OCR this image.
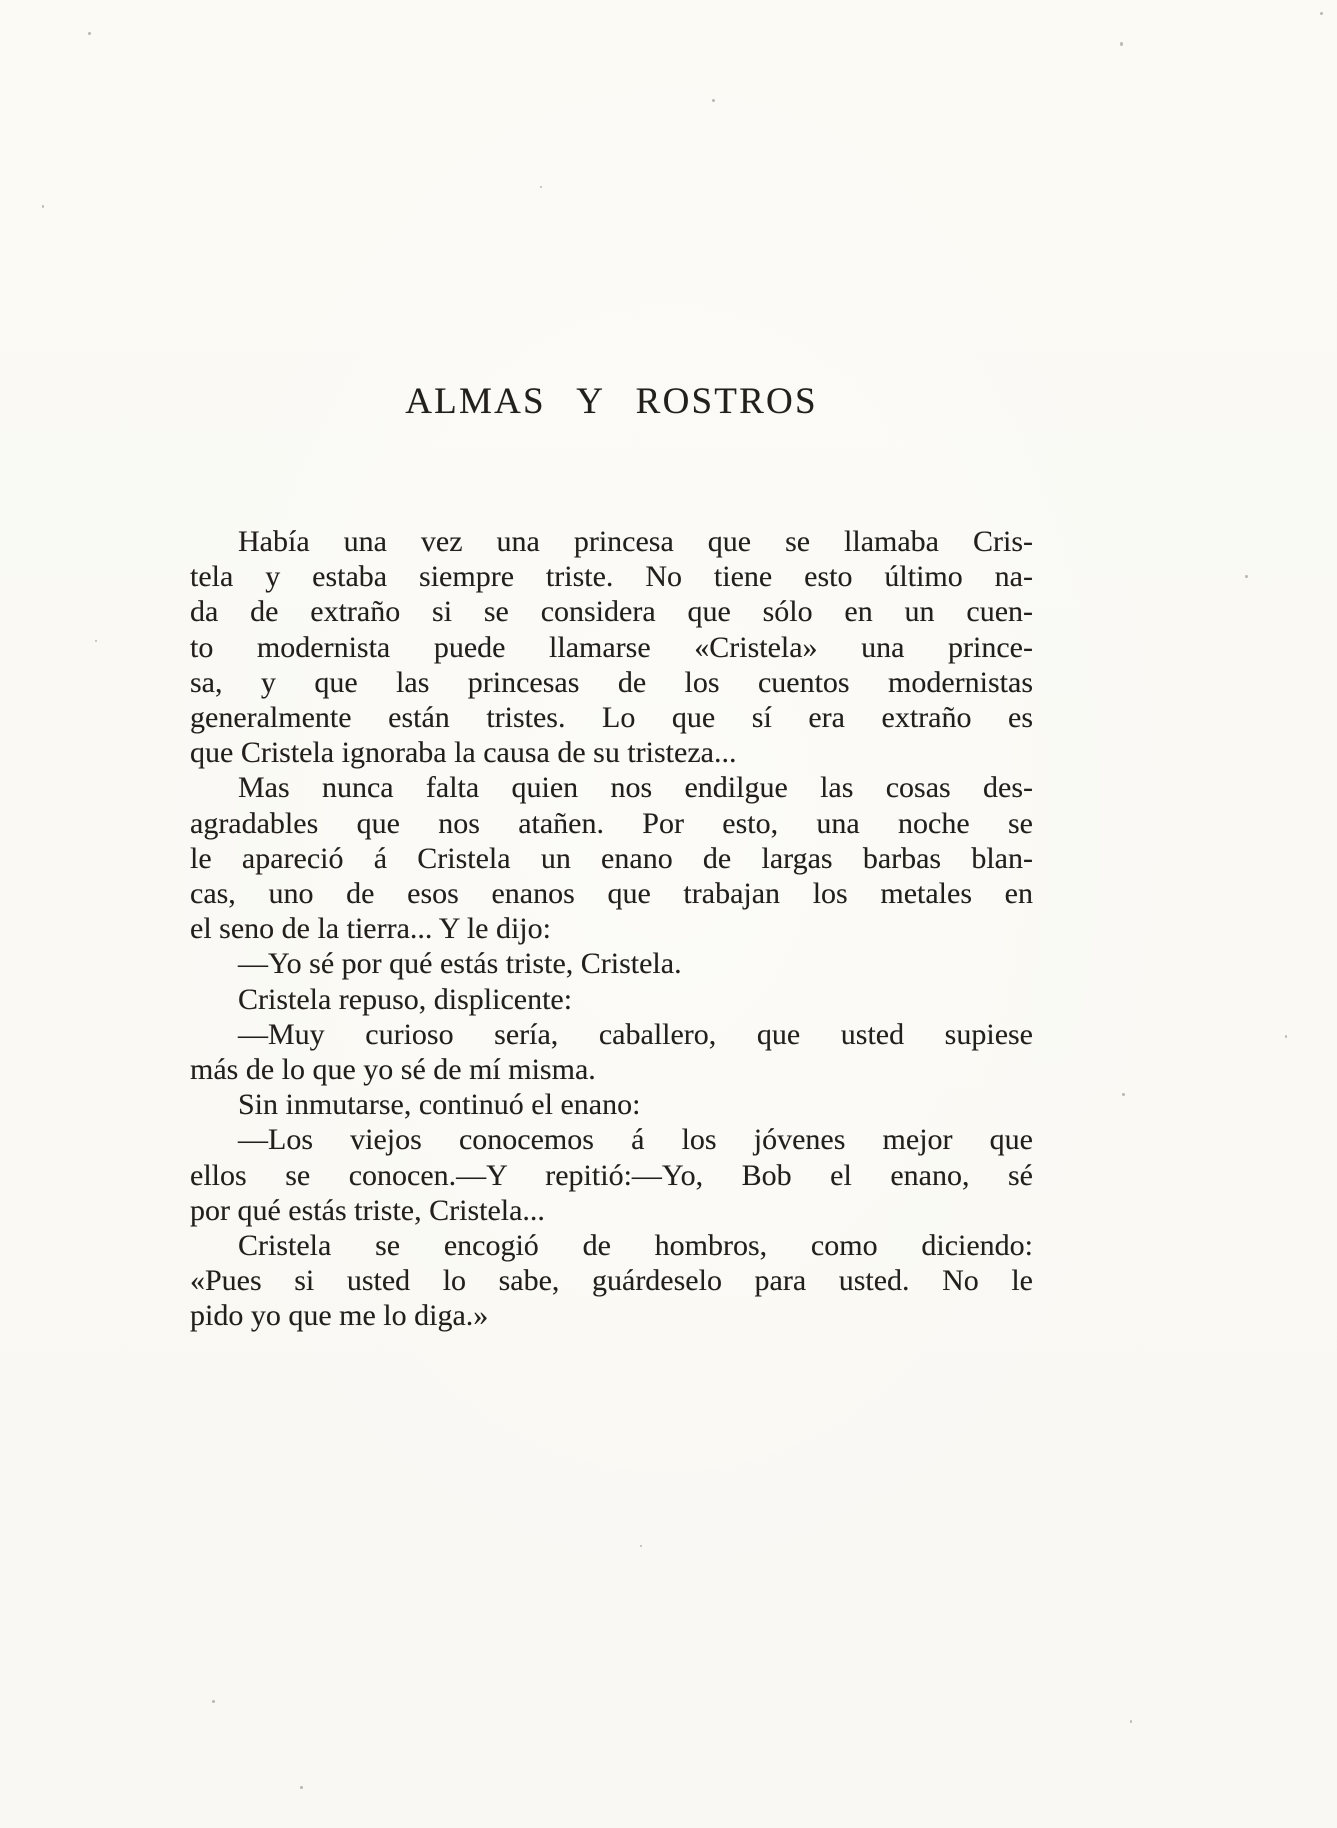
ALMAS Y ROSTROS
Había una vez una princesa que se llamaba Cris-
tela y estaba siempre triste. No tiene esto último na-
da de extraño si se considera que sólo en un cuen-
to modernista puede llamarse «Cristela» una prince-
sa, y que las princesas de los cuentos modernistas
generalmente están tristes. Lo que sí era extraño es
que Cristela ignoraba la causa de su tristeza...
Mas nunca falta quien nos endilgue las cosas des-
agradables que nos atañen. Por esto, una noche se
le apareció á Cristela un enano de largas barbas blan-
cas, uno de esos enanos que trabajan los metales en
el seno de la tierra... Y le dijo:
—Yo sé por qué estás triste, Cristela.
Cristela repuso, displicente:
—Muy curioso sería, caballero, que usted supiese
más de lo que yo sé de mí misma.
Sin inmutarse, continuó el enano:
—Los viejos conocemos á los jóvenes mejor que
ellos se conocen.—Y repitió:—Yo, Bob el enano, sé
por qué estás triste, Cristela...
Cristela se encogió de hombros, como diciendo:
«Pues si usted lo sabe, guárdeselo para usted. No le
pido yo que me lo diga.»
